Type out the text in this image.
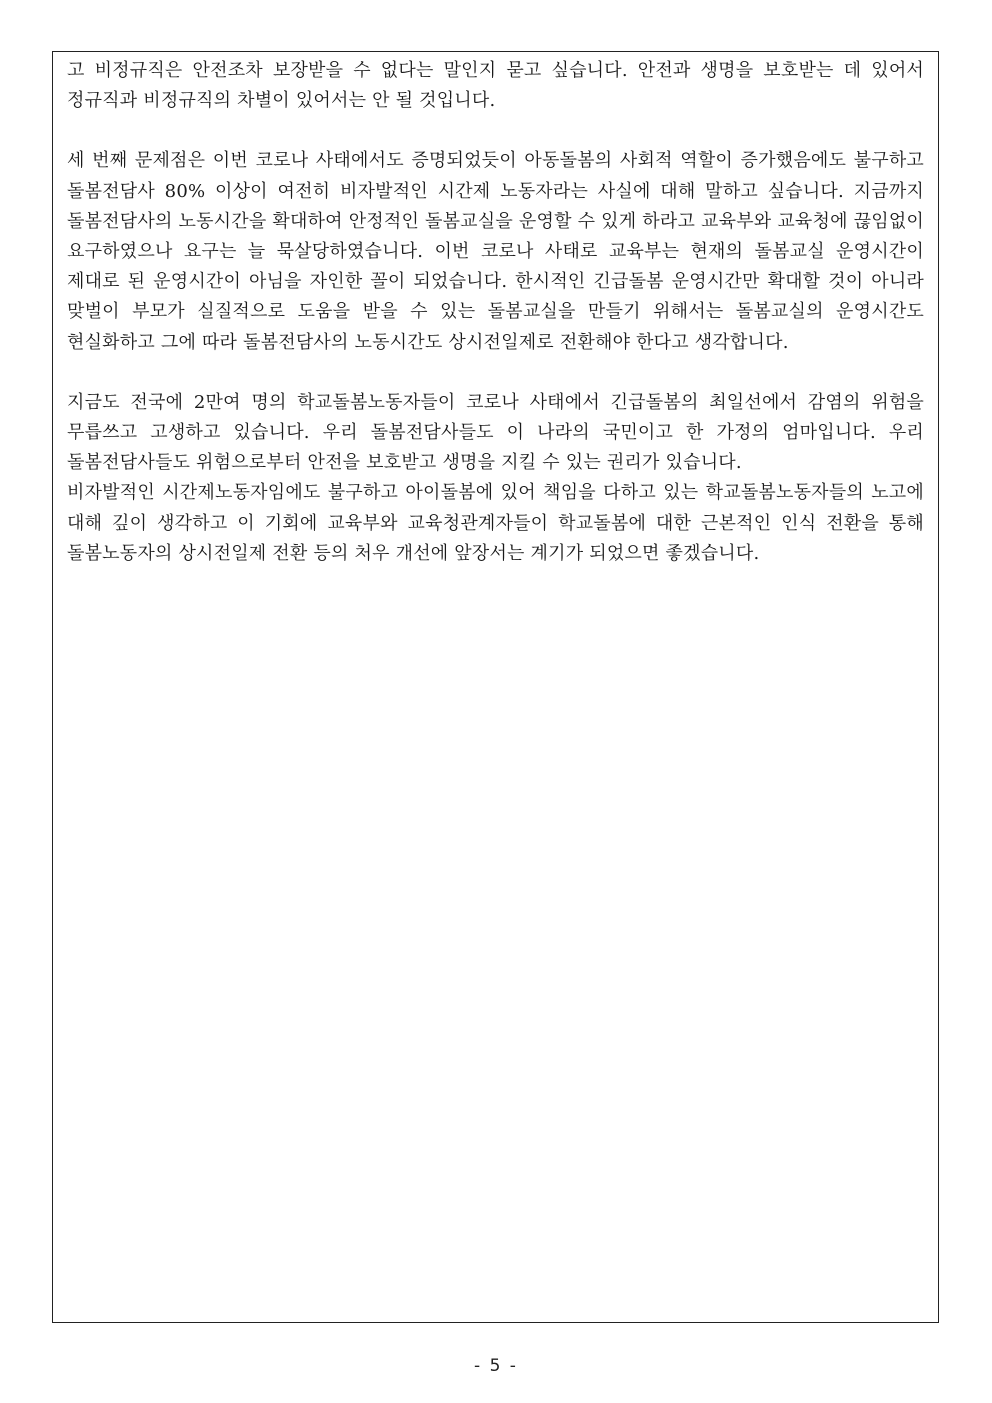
고 비정규직은 안전조차 보장받을 수 없다는 말인지 묻고 싶습니다. 안전과 생명을 보호받는 데 있어서 정규직과 비정규직의 차별이 있어서는 안 될 것입니다.

세 번째 문제점은 이번 코로나 사태에서도 증명되었듯이 아동돌봄의 사회적 역할이 증가했음에도 불구하고 돌봄전담사 80% 이상이 여전히 비자발적인 시간제 노동자라는 사실에 대해 말하고 싶습니다. 지금까지 돌봄전담사의 노동시간을 확대하여 안정적인 돌봄교실을 운영할 수 있게 하라고 교육부와 교육청에 끊임없이 요구하였으나 요구는 늘 묵살당하였습니다. 이번 코로나 사태로 교육부는 현재의 돌봄교실 운영시간이 제대로 된 운영시간이 아님을 자인한 꼴이 되었습니다. 한시적인 긴급돌봄 운영시간만 확대할 것이 아니라 맞벌이 부모가 실질적으로 도움을 받을 수 있는 돌봄교실을 만들기 위해서는 돌봄교실의 운영시간도 현실화하고 그에 따라 돌봄전담사의 노동시간도 상시전일제로 전환해야 한다고 생각합니다.

지금도 전국에 2만여 명의 학교돌봄노동자들이 코로나 사태에서 긴급돌봄의 최일선에서 감염의 위험을 무릅쓰고 고생하고 있습니다. 우리 돌봄전담사들도 이 나라의 국민이고 한 가정의 엄마입니다. 우리 돌봄전담사들도 위험으로부터 안전을 보호받고 생명을 지킬 수 있는 권리가 있습니다.

비자발적인 시간제노동자임에도 불구하고 아이돌봄에 있어 책임을 다하고 있는 학교돌봄노동자들의 노고에 대해 깊이 생각하고 이 기회에 교육부와 교육청관계자들이 학교돌봄에 대한 근본적인 인식 전환을 통해 돌봄노동자의 상시전일제 전환 등의 처우 개선에 앞장서는 계기가 되었으면 좋겠습니다.

- 5 -
